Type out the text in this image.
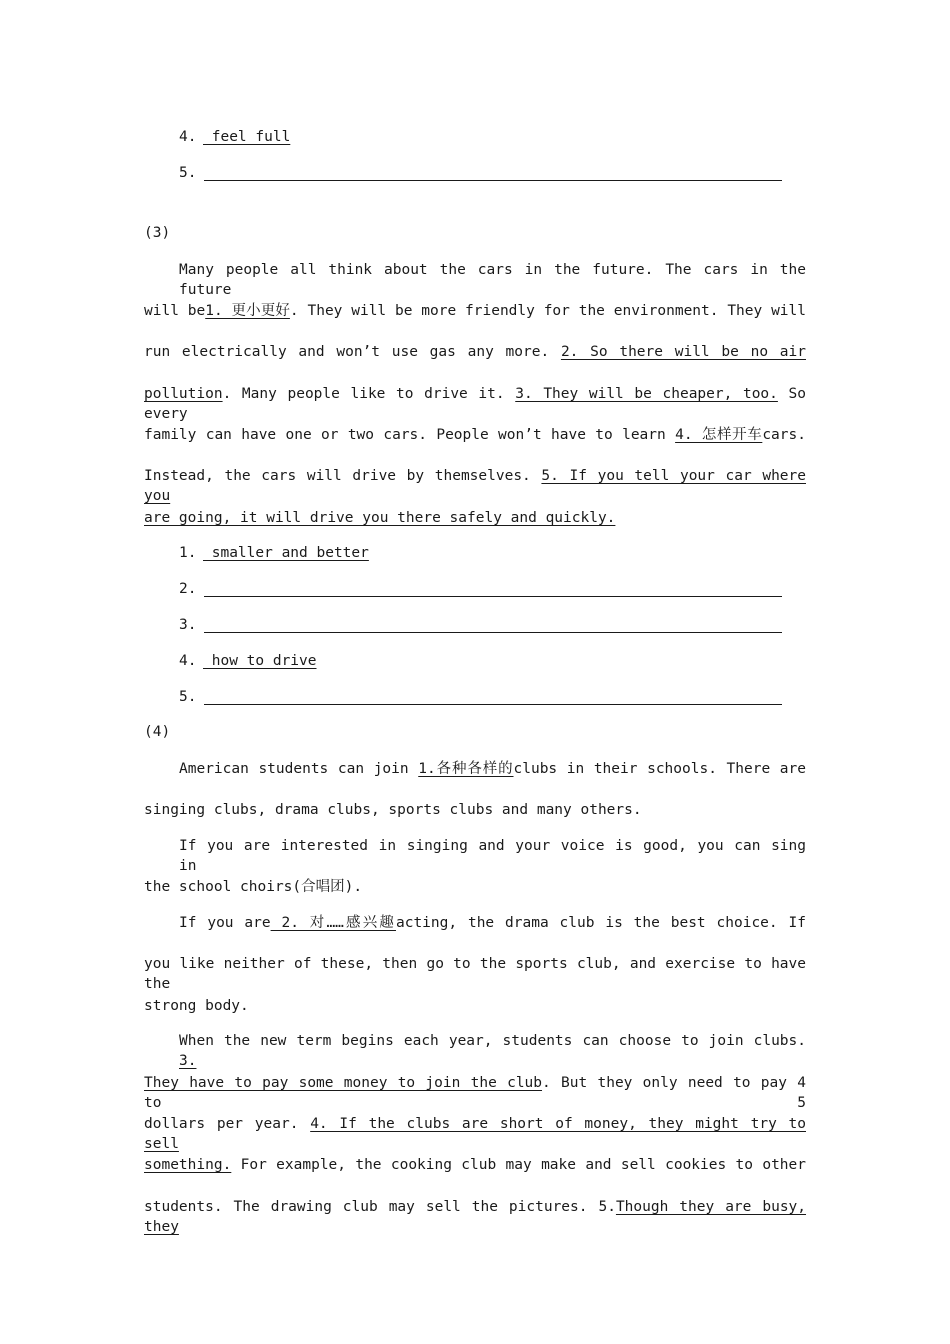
4. feel full
5.
(3)
Many people all think about the cars in the future. The cars in the future
will be1. 更小更好. They will be more friendly for the environment. They will
run electrically and won’t use gas any more. 2. So there will be no air
pollution. Many people like to drive it. 3. They will be cheaper, too. So every
family can have one or two cars. People won’t have to learn 4. 怎样开车cars.
Instead, the cars will drive by themselves. 5. If you tell your car where you
are going, it will drive you there safely and quickly.
1. smaller and better
2.
3.
4. how to drive
5.
(4)
American students can join 1.各种各样的clubs in their schools. There are
singing clubs, drama clubs, sports clubs and many others.
If you are interested in singing and your voice is good, you can sing in
the school choirs(合唱团).
If you are 2. 对……感兴趣acting, the drama club is the best choice. If
you like neither of these, then go to the sports club, and exercise to have the
strong body.
When the new term begins each year, students can choose to join clubs. 3.
They have to pay some money to join the club. But they only need to pay 4 to 5
dollars per year. 4. If the clubs are short of money, they might try to sell
something. For example, the cooking club may make and sell cookies to other
students. The drawing club may sell the pictures. 5.Though they are busy, they
